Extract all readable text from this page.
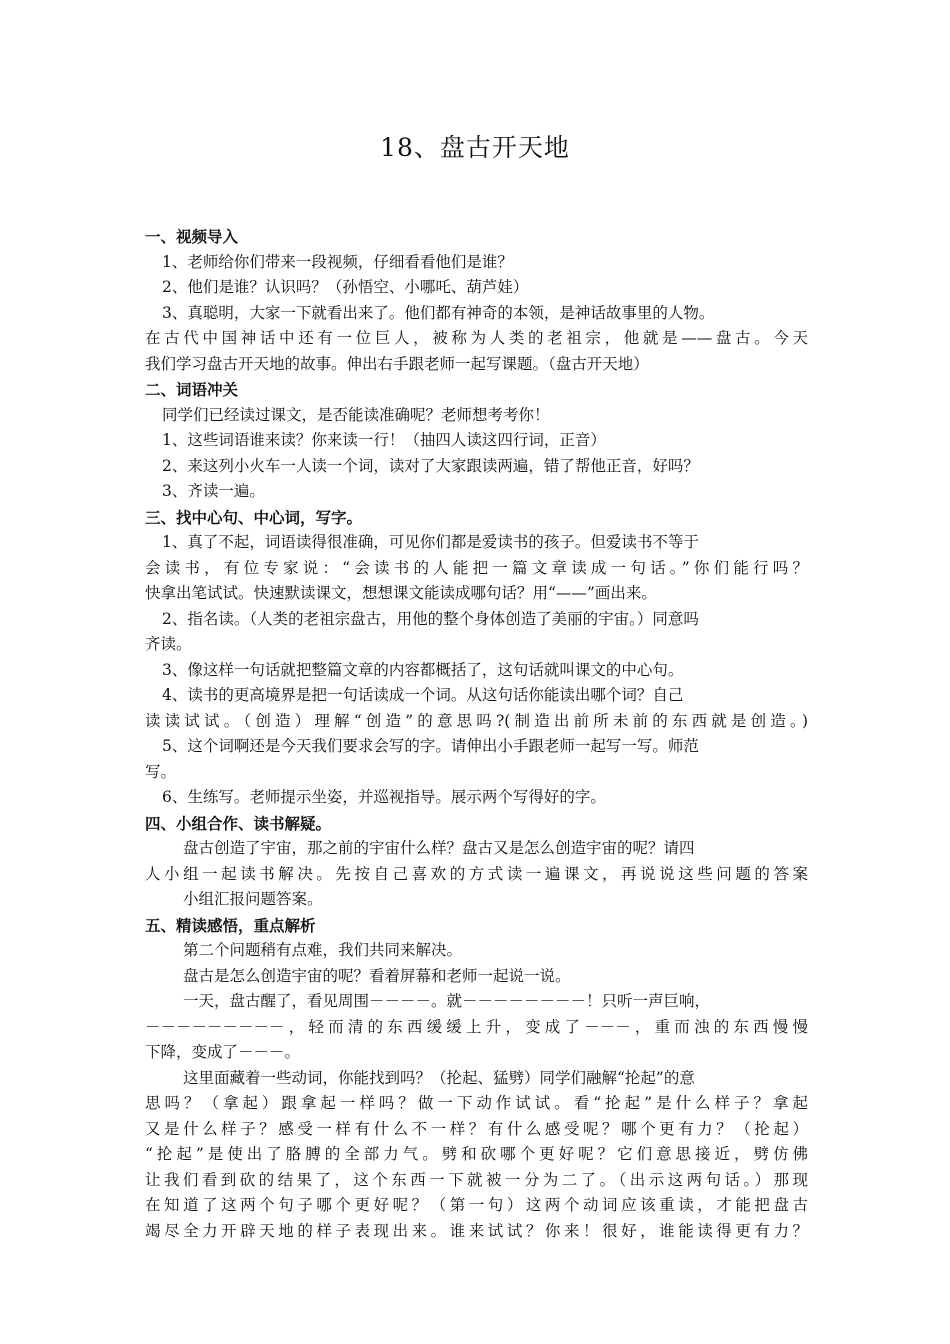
18、盘古开天地
一、视频导入
1、老师给你们带来一段视频，仔细看看他们是谁？
2、他们是谁？认识吗？（孙悟空、小哪吒、葫芦娃）
3、真聪明，大家一下就看出来了。他们都有神奇的本领，是神话故事里的人物。
在古代中国神话中还有一位巨人，被称为人类的老祖宗，他就是——盘古。今天
我们学习盘古开天地的故事。伸出右手跟老师一起写课题。（盘古开天地）
二、词语冲关
同学们已经读过课文，是否能读准确呢？老师想考考你！
1、这些词语谁来读？你来读一行！（抽四人读这四行词，正音）
2、来这列小火车一人读一个词，读对了大家跟读两遍，错了帮他正音，好吗？
3、齐读一遍。
三、找中心句、中心词，写字。
1、真了不起，词语读得很准确，可见你们都是爱读书的孩子。但爱读书不等于
会读书，有位专家说：“会读书的人能把一篇文章读成一句话。”你们能行吗？
快拿出笔试试。快速默读课文，想想课文能读成哪句话？用“——”画出来。
2、指名读。（人类的老祖宗盘古，用他的整个身体创造了美丽的宇宙。）同意吗
齐读。
3、像这样一句话就把整篇文章的内容都概括了，这句话就叫课文的中心句。
4、读书的更高境界是把一句话读成一个词。从这句话你能读出哪个词？自己
读读试试。（创造）理解“创造”的意思吗?(制造出前所未前的东西就是创造。)
5、这个词啊还是今天我们要求会写的字。请伸出小手跟老师一起写一写。师范
写。
6、生练写。老师提示坐姿，并巡视指导。展示两个写得好的字。
四、小组合作、读书解疑。
盘古创造了宇宙，那之前的宇宙什么样？盘古又是怎么创造宇宙的呢？请四
人小组一起读书解决。先按自己喜欢的方式读一遍课文，再说说这些问题的答案
小组汇报问题答案。
五、精读感悟，重点解析
第二个问题稍有点难，我们共同来解决。
盘古是怎么创造宇宙的呢？看着屏幕和老师一起说一说。
一天，盘古醒了，看见周围－－－－。就－－－－－－－－！只听一声巨响，
－－－－－－－－－，轻而清的东西缓缓上升，变成了－－－，重而浊的东西慢慢
下降，变成了－－－。
这里面藏着一些动词，你能找到吗？（抡起、猛劈）同学们融解“抡起”的意
思吗？（拿起）跟拿起一样吗？做一下动作试试。看“抡起”是什么样子？拿起
又是什么样子？感受一样有什么不一样？有什么感受呢？哪个更有力？（抡起）
“抡起”是使出了胳膊的全部力气。劈和砍哪个更好呢？它们意思接近，劈仿佛
让我们看到砍的结果了，这个东西一下就被一分为二了。（出示这两句话。）那现
在知道了这两个句子哪个更好呢？（第一句）这两个动词应该重读，才能把盘古
竭尽全力开辟天地的样子表现出来。谁来试试？你来！很好，谁能读得更有力？
